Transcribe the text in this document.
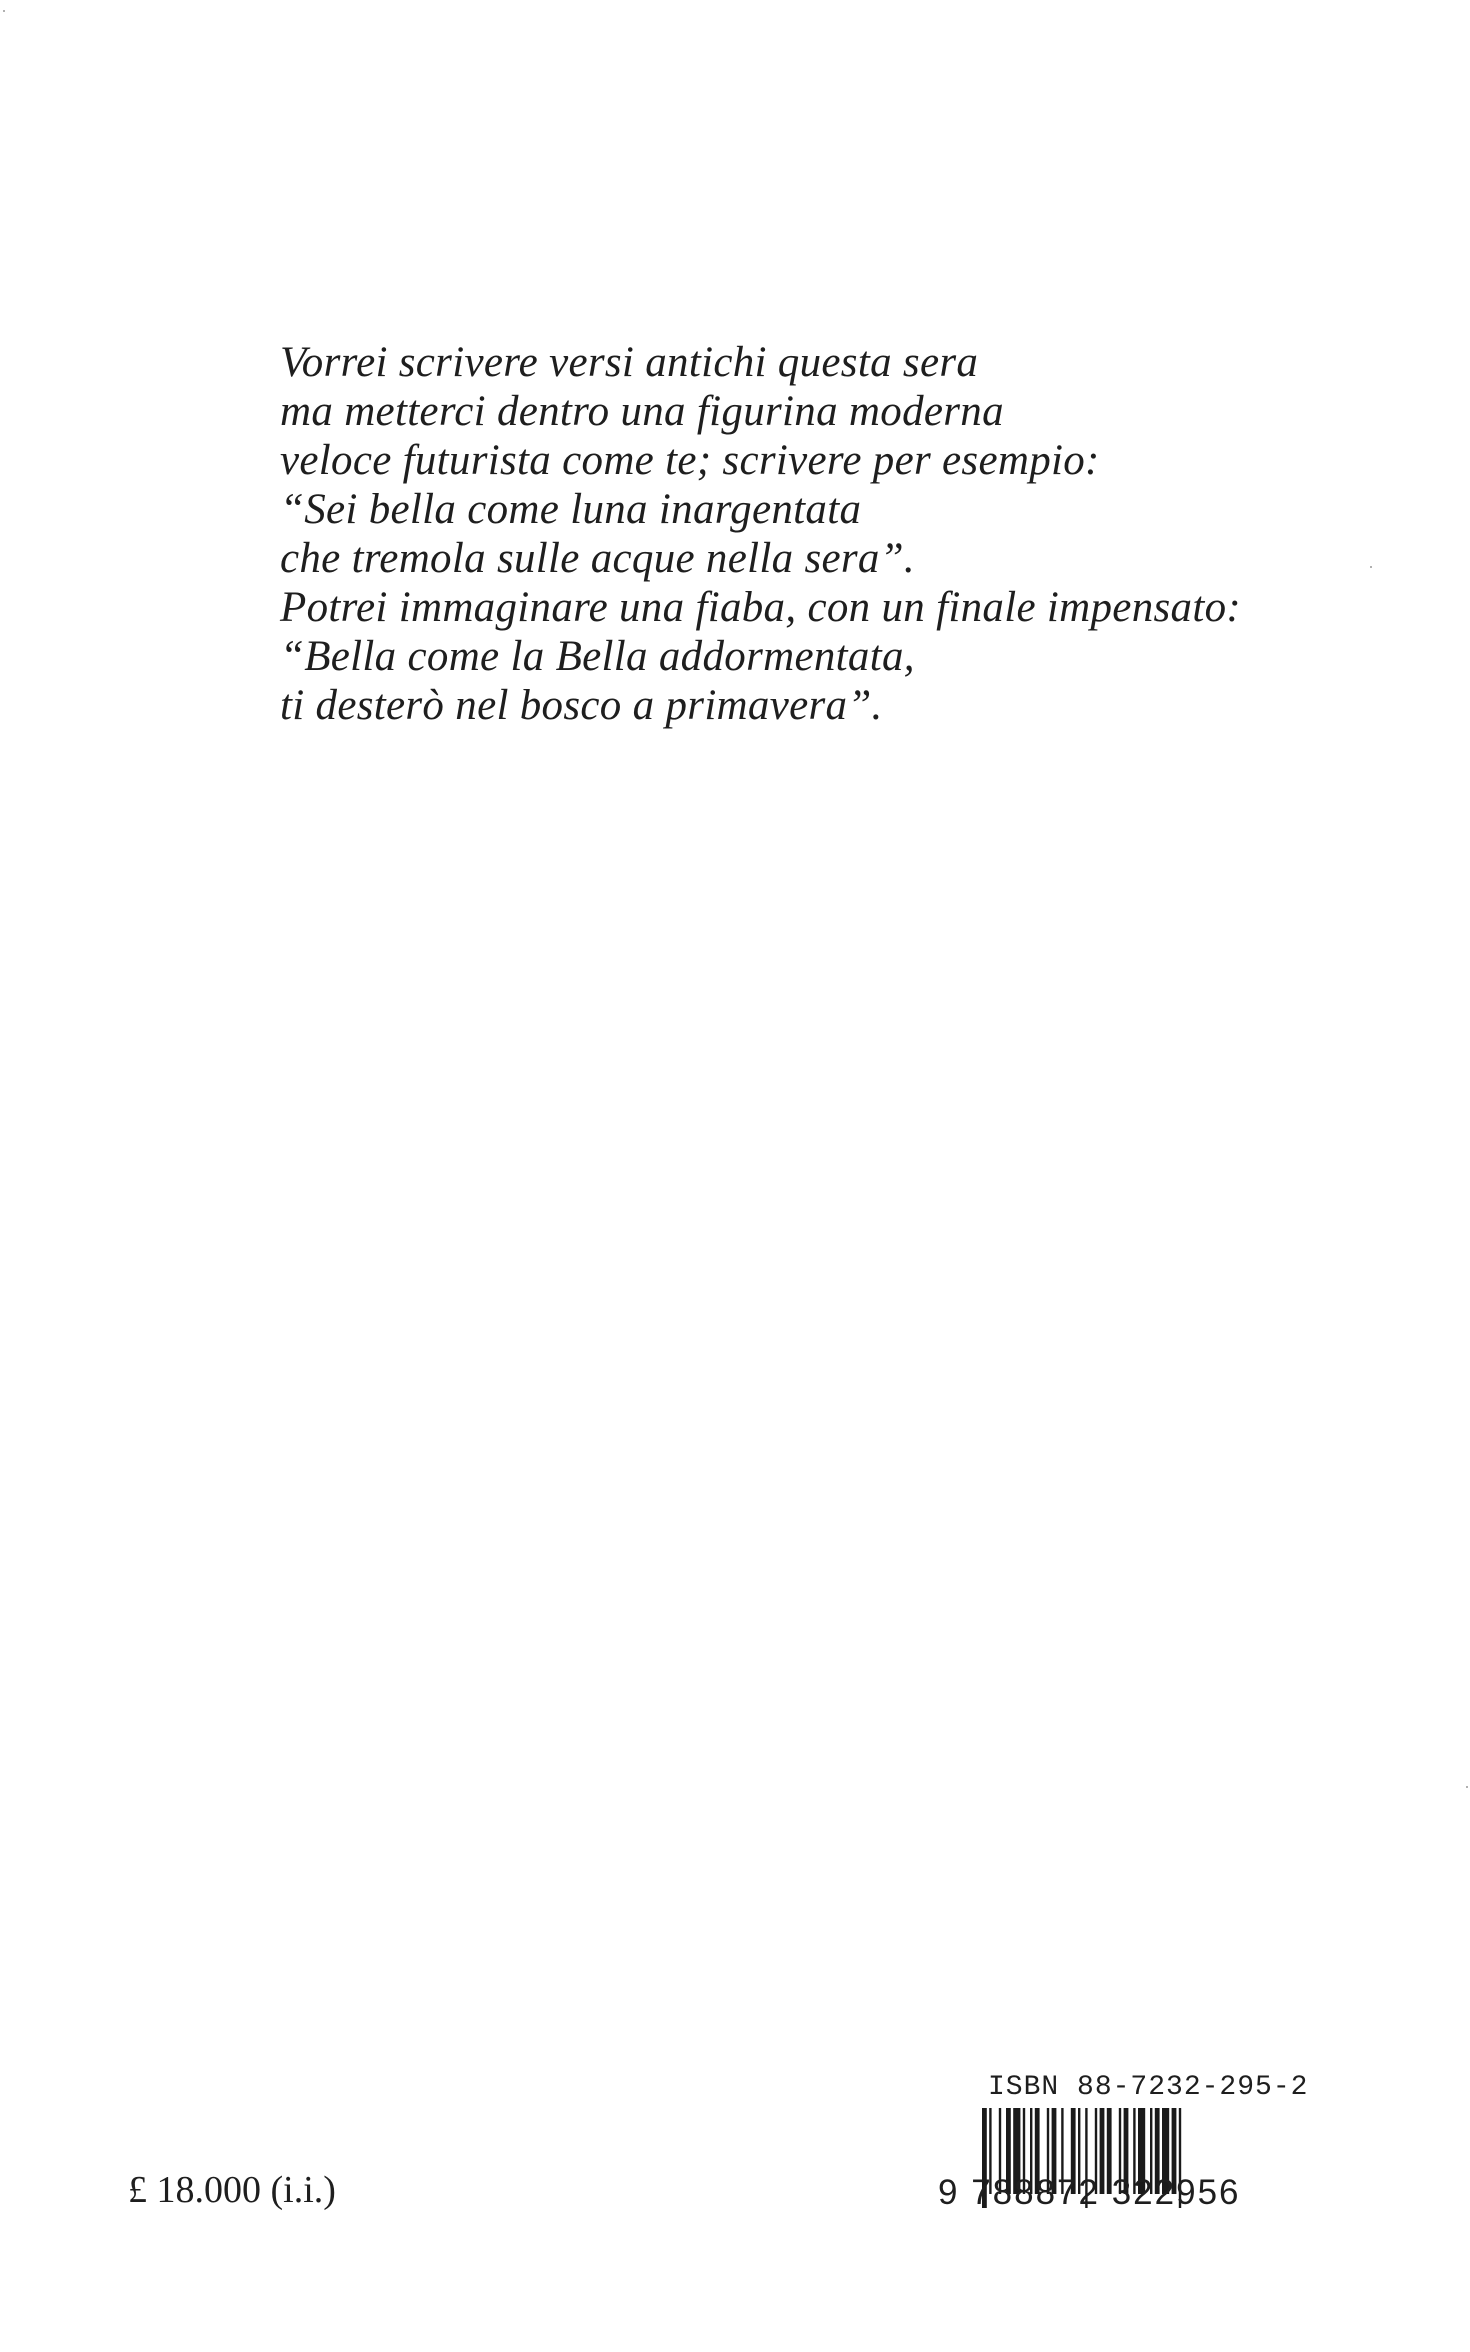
Vorrei scrivere versi antichi questa sera
ma metterci dentro una figurina moderna
veloce futurista come te; scrivere per esempio:
“Sei bella come luna inargentata
che tremola sulle acque nella sera”.
Potrei immaginare una fiaba, con un finale impensato:
“Bella come la Bella addormentata,
ti desterò nel bosco a primavera”.
£ 18.000 (i.i.)
ISBN 88-7232-295-2
9 788872 322956
